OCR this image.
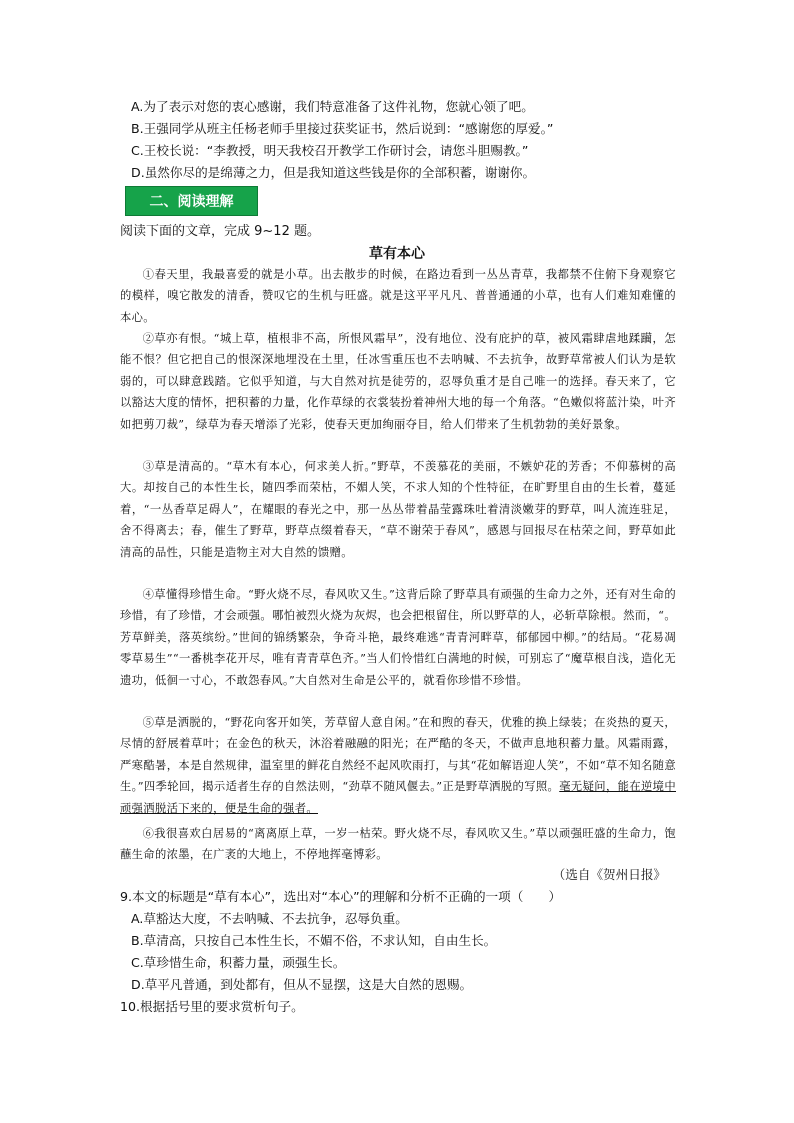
A.为了表示对您的衷心感谢，我们特意准备了这件礼物，您就心领了吧。
B.王强同学从班主任杨老师手里接过获奖证书，然后说到：“感谢您的厚爱。”
C.王校长说：“李教授，明天我校召开教学工作研讨会，请您斗胆赐教。”
D.虽然你尽的是绵薄之力，但是我知道这些钱是你的全部积蓄，谢谢你。
二、阅读理解
阅读下面的文章，完成 9~12 题。
草有本心

①春天里，我最喜爱的就是小草。出去散步的时候，在路边看到一丛丛青草，我都禁不住俯下身观察它的模样，嗅它散发的清香，赞叹它的生机与旺盛。就是这平平凡凡、普普通通的小草，也有人们难知难懂的本心。

②草亦有恨。“城上草，植根非不高，所恨风霜早”，没有地位、没有庇护的草，被风霜肆虐地蹂躏，怎能不恨？但它把自己的恨深深地埋没在土里，任冰雪重压也不去呐喊、不去抗争，故野草常被人们认为是软弱的，可以肆意践踏。它似乎知道，与大自然对抗是徒劳的，忍辱负重才是自己唯一的选择。春天来了，它以豁达大度的情怀，把积蓄的力量，化作草绿的衣裳装扮着神州大地的每一个角落。“色嫩似将蓝汁染，叶齐如把剪刀裁”，绿草为春天增添了光彩，使春天更加绚丽夺目，给人们带来了生机勃勃的美好景象。

③草是清高的。“草木有本心，何求美人折。”野草，不羡慕花的美丽，不嫉妒花的芳香；不仰慕树的高大。却按自己的本性生长，随四季而荣枯，不媚人笑，不求人知的个性特征，在旷野里自由的生长着，蔓延着，“一丛香草足碍人”，在耀眼的春光之中，那一丛丛带着晶莹露珠吐着清淡嫩芽的野草，叫人流连驻足，舍不得离去；春，催生了野草，野草点缀着春天，“草不谢荣于春风”，感恩与回报尽在枯荣之间，野草如此清高的品性，只能是造物主对大自然的馈赠。

④草懂得珍惜生命。“野火烧不尽，春风吹又生。”这背后除了野草具有顽强的生命力之外，还有对生命的珍惜，有了珍惜，才会顽强。哪怕被烈火烧为灰烬，也会把根留住，所以野草的人，必斩草除根。然而，“。芳草鲜美，落英缤纷。”世间的锦绣繁杂，争奇斗艳，最终难逃“青青河畔草，郁郁园中柳。”的结局。“花易凋零草易生”“一番桃李花开尽，唯有青青草色齐。”当人们怜惜红白满地的时候，可别忘了“魔草根自浅，造化无遗功，低徊一寸心，不敢怨春风。”大自然对生命是公平的，就看你珍惜不珍惜。

⑤草是洒脱的，“野花向客开如笑，芳草留人意自闲。”在和煦的春天，优雅的换上绿装；在炎热的夏天，尽情的舒展着草叶；在金色的秋天，沐浴着融融的阳光；在严酷的冬天，不做声息地积蓄力量。风霜雨露，严寒酷暑，本是自然规律，温室里的鲜花自然经不起风吹雨打，与其“花如解语迎人笑”，不如“草不知名随意生。”四季轮回，揭示适者生存的自然法则，“劲草不随风偃去。”正是野草洒脱的写照。毫无疑问，能在逆境中顽强洒脱活下来的，便是生命的强者。

⑥我很喜欢白居易的“离离原上草，一岁一枯荣。野火烧不尽，春风吹又生。”草以顽强旺盛的生命力，饱蘸生命的浓墨，在广袤的大地上，不停地挥毫博彩。

（选自《贺州日报》
9.本文的标题是“草有本心”，选出对“本心”的理解和分析不正确的一项（　　）
A.草豁达大度，不去呐喊、不去抗争，忍辱负重。
B.草清高，只按自己本性生长，不媚不俗，不求认知，自由生长。
C.草珍惜生命，积蓄力量，顽强生长。
D.草平凡普通，到处都有，但从不显摆，这是大自然的恩赐。
10.根据括号里的要求赏析句子。
